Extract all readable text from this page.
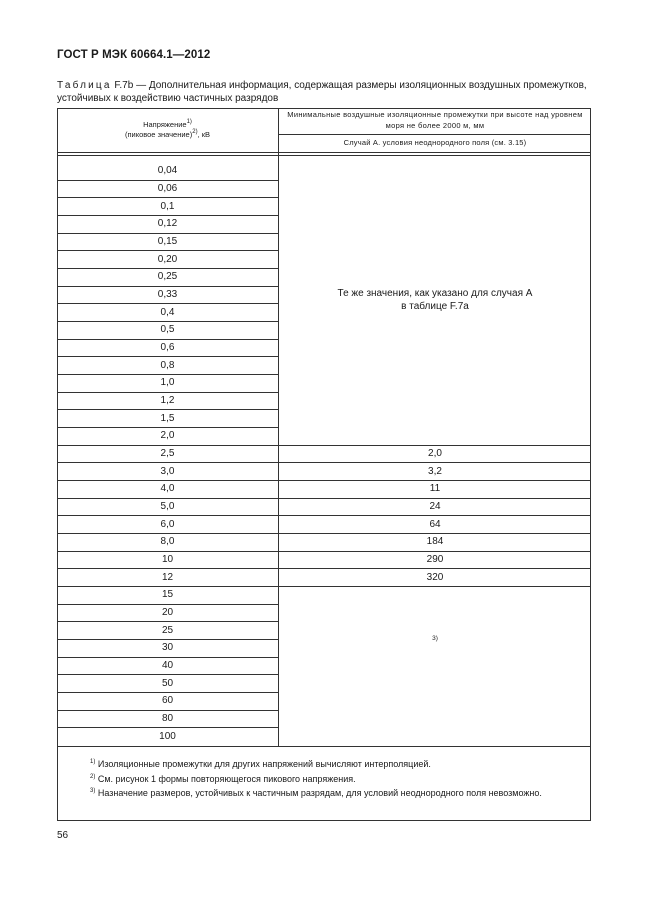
ГОСТ Р МЭК 60664.1—2012
Таблица F.7b — Дополнительная информация, содержащая размеры изоляционных воздушных промежутков, устойчивых к воздействию частичных разрядов
Напряжение$^{1)}$
(пиковое значение)$^{2)}$, кВ
Минимальные воздушные изоляционные промежутки при высоте над уровнем моря не более 2000 м, мм
Случай А. условия неоднородного поля (см. 3.15)
0,04
0,06
0,1
0,12
0,15
0,20
0,25
0,33
0,4
0,5
0,6
0,8
1,0
1,2
1,5
2,0
2,5
3,0
4,0
5,0
6,0
8,0
10
12
15
20
25
30
40
50
60
80
100
2,0
3,2
11
24
64
184
290
320
Те же значения, как указано для случая А
в таблице F.7а
3)
$^{1)}$ Изоляционные промежутки для других напряжений вычисляют интерполяцией.
$^{2)}$ См. рисунок 1 формы повторяющегося пикового напряжения.
$^{3)}$ Назначение размеров, устойчивых к частичным разрядам, для условий неоднородного поля невозможно.
56
